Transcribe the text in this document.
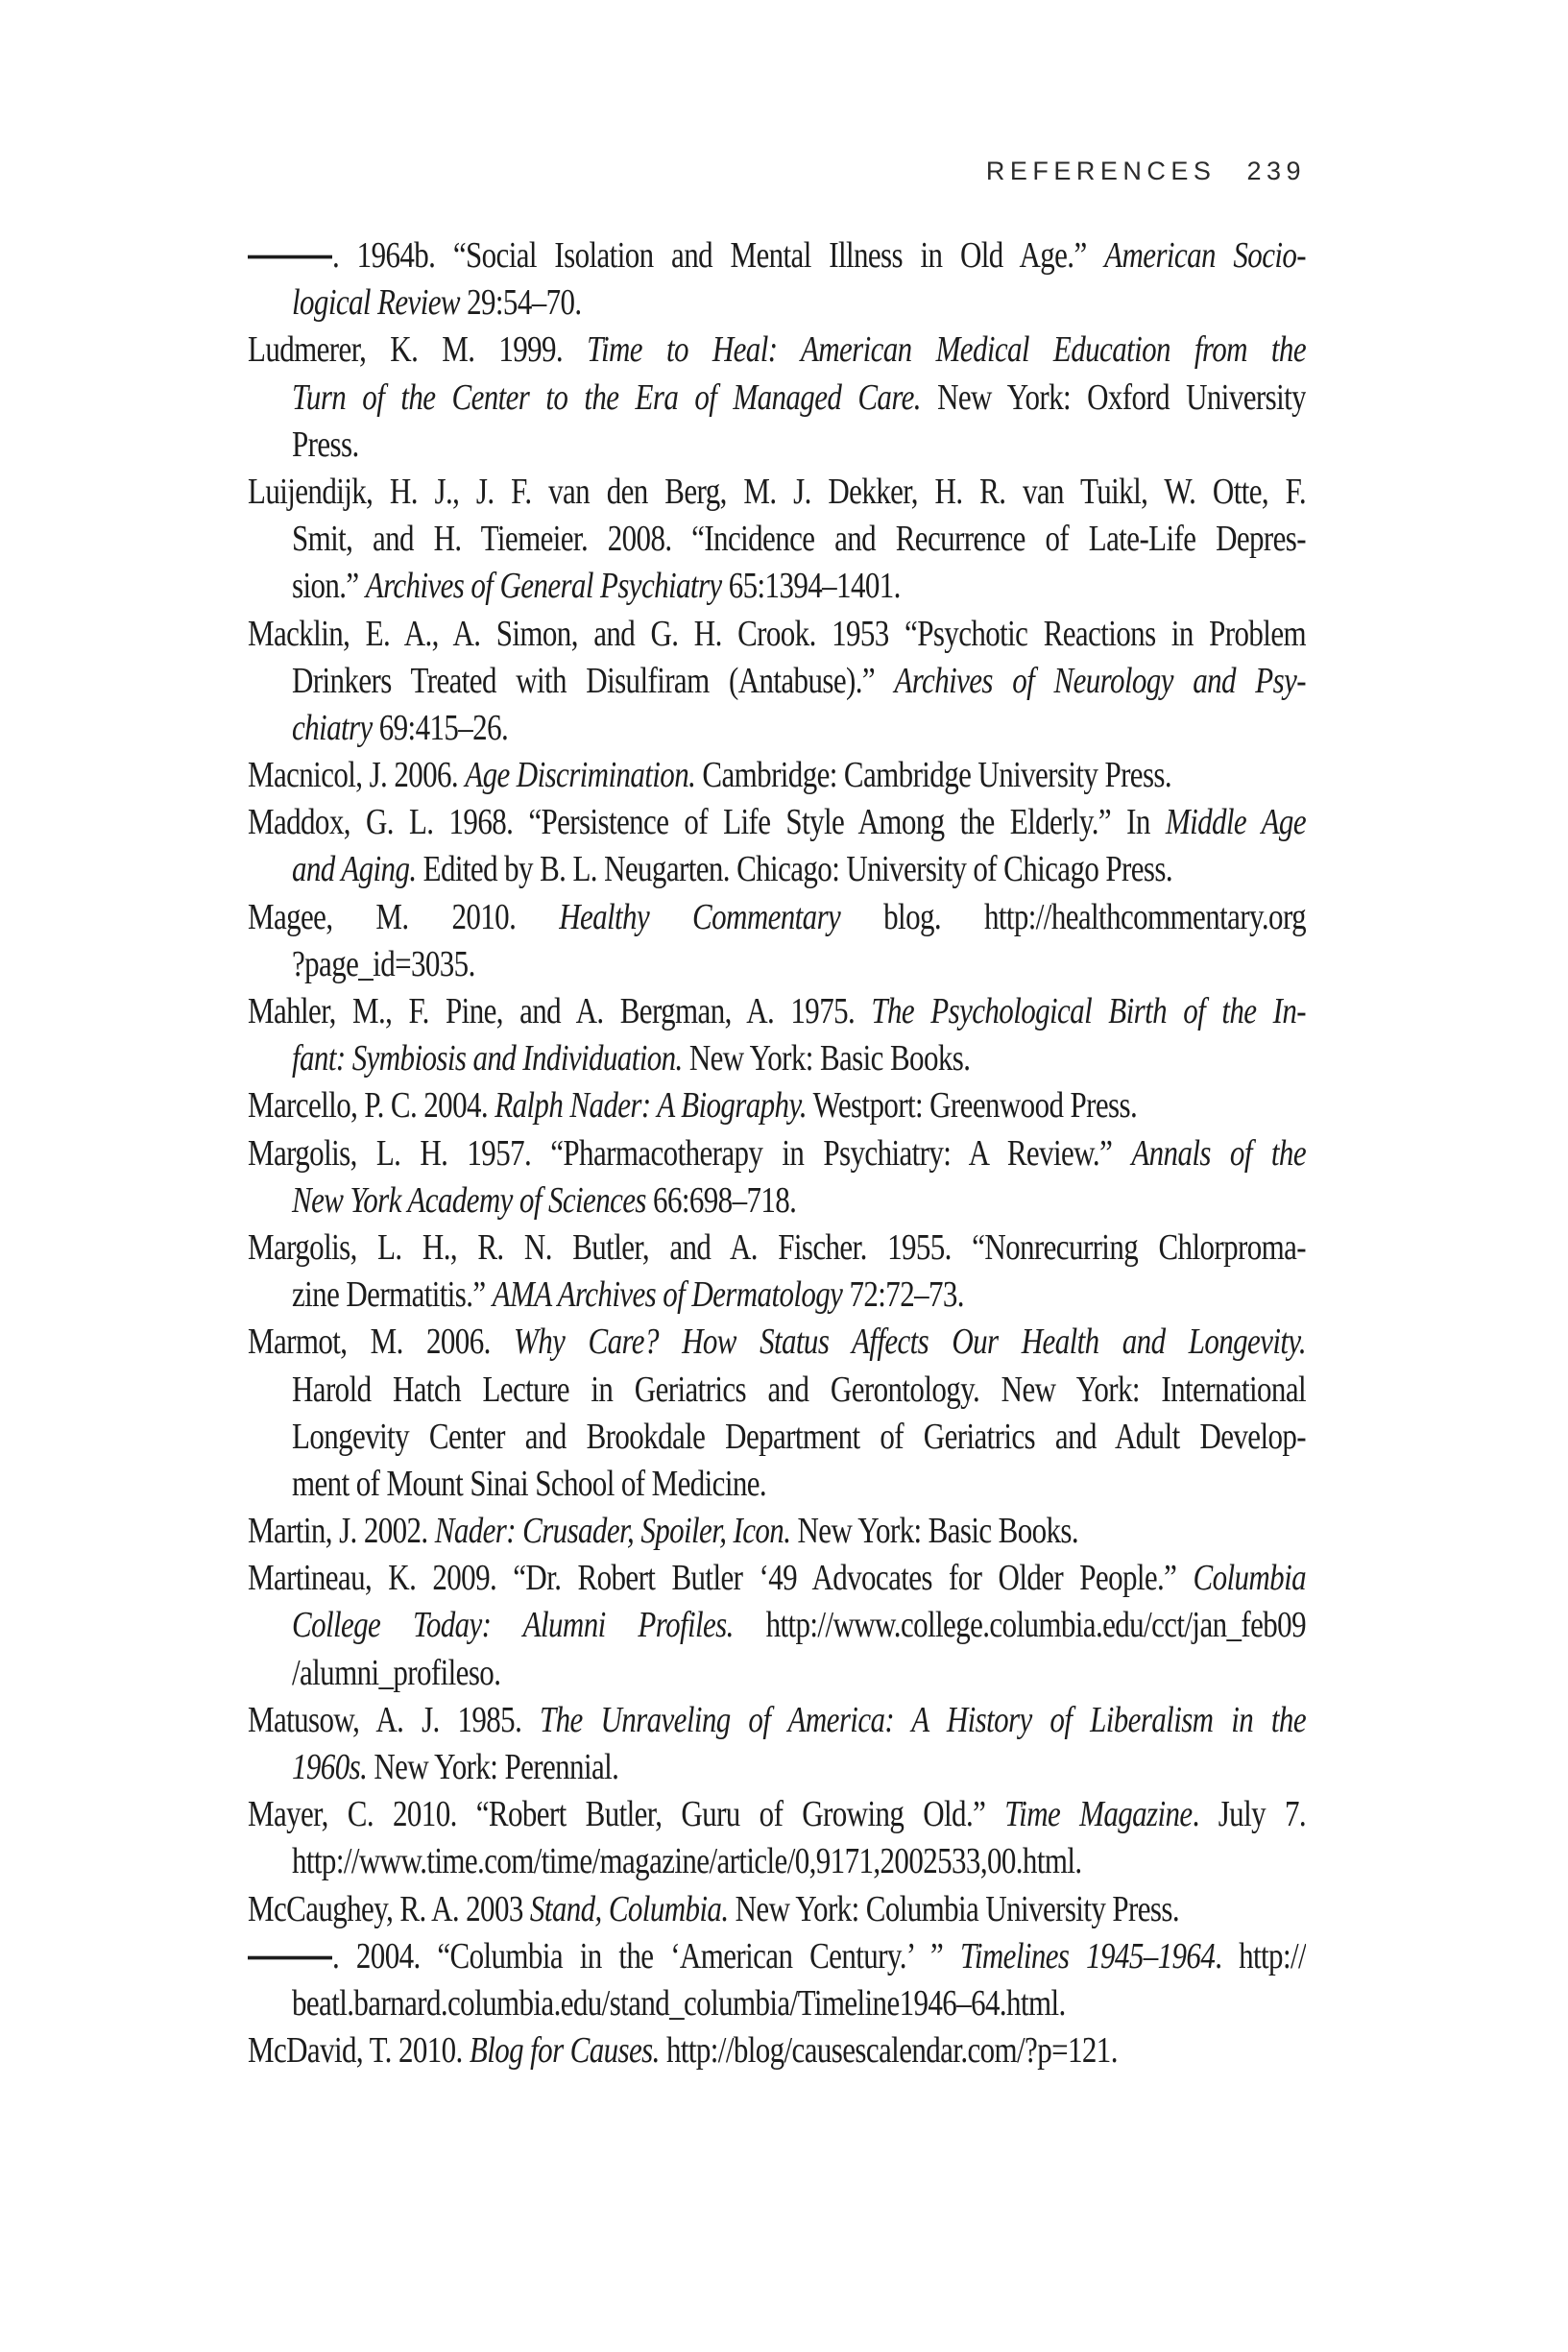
REFERENCES 239
. 1964b. “Social Isolation and Mental Illness in Old Age.” American Socio-
logical Review 29:54–70.
Ludmerer, K. M. 1999. Time to Heal: American Medical Education from the
Turn of the Center to the Era of Managed Care. New York: Oxford University
Press.
Luijendijk, H. J., J. F. van den Berg, M. J. Dekker, H. R. van Tuikl, W. Otte, F.
Smit, and H. Tiemeier. 2008. “Incidence and Recurrence of Late-Life Depres-
sion.” Archives of General Psychiatry 65:1394–1401.
Macklin, E. A., A. Simon, and G. H. Crook. 1953 “Psychotic Reactions in Problem
Drinkers Treated with Disulfiram (Antabuse).” Archives of Neurology and Psy-
chiatry 69:415–26.
Macnicol, J. 2006. Age Discrimination. Cambridge: Cambridge University Press.
Maddox, G. L. 1968. “Persistence of Life Style Among the Elderly.” In Middle Age
and Aging. Edited by B. L. Neugarten. Chicago: University of Chicago Press.
Magee, M. 2010. Healthy Commentary blog. http://healthcommentary.org
?page_id=3035.
Mahler, M., F. Pine, and A. Bergman, A. 1975. The Psychological Birth of the In-
fant: Symbiosis and Individuation. New York: Basic Books.
Marcello, P. C. 2004. Ralph Nader: A Biography. Westport: Greenwood Press.
Margolis, L. H. 1957. “Pharmacotherapy in Psychiatry: A Review.” Annals of the
New York Academy of Sciences 66:698–718.
Margolis, L. H., R. N. Butler, and A. Fischer. 1955. “Nonrecurring Chlorproma-
zine Dermatitis.” AMA Archives of Dermatology 72:72–73.
Marmot, M. 2006. Why Care? How Status Affects Our Health and Longevity.
Harold Hatch Lecture in Geriatrics and Gerontology. New York: International
Longevity Center and Brookdale Department of Geriatrics and Adult Develop-
ment of Mount Sinai School of Medicine.
Martin, J. 2002. Nader: Crusader, Spoiler, Icon. New York: Basic Books.
Martineau, K. 2009. “Dr. Robert Butler ‘49 Advocates for Older People.” Columbia
College Today: Alumni Profiles. http://www.college.columbia.edu/cct/jan_feb09
/alumni_profileso.
Matusow, A. J. 1985. The Unraveling of America: A History of Liberalism in the
1960s. New York: Perennial.
Mayer, C. 2010. “Robert Butler, Guru of Growing Old.” Time Magazine. July 7.
http://www.time.com/time/magazine/article/0,9171,2002533,00.html.
McCaughey, R. A. 2003 Stand, Columbia. New York: Columbia University Press.
. 2004. “Columbia in the ‘American Century.’ ” Timelines 1945–1964. http://
beatl.barnard.columbia.edu/stand_columbia/Timeline1946–64.html.
McDavid, T. 2010. Blog for Causes. http://blog/causescalendar.com/?p=121.
